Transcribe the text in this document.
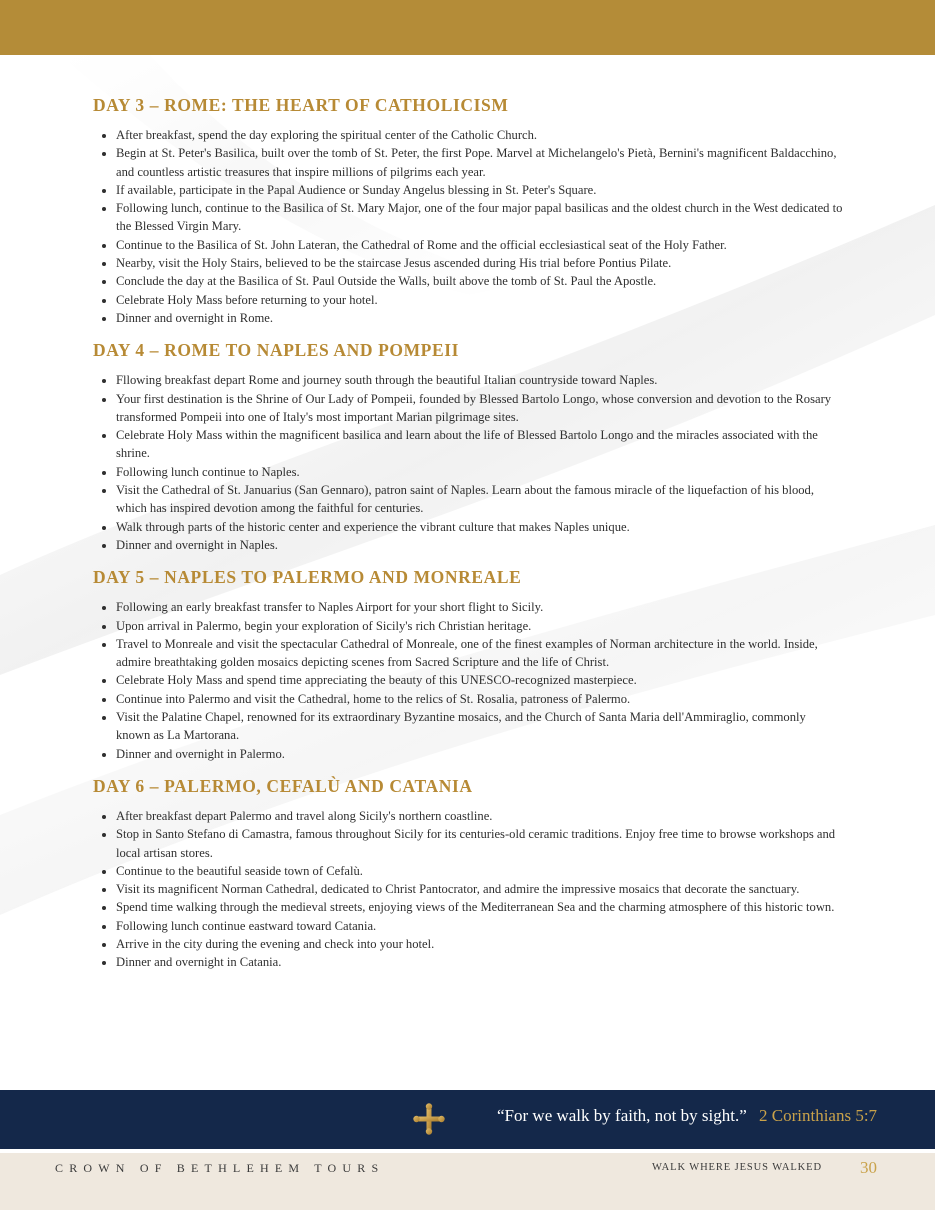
DAY 3 – ROME: THE HEART OF CATHOLICISM
• After breakfast, spend the day exploring the spiritual center of the Catholic Church.
• Begin at St. Peter's Basilica, built over the tomb of St. Peter, the first Pope. Marvel at Michelangelo's Pietà, Bernini's magnificent Baldacchino, and countless artistic treasures that inspire millions of pilgrims each year.
• If available, participate in the Papal Audience or Sunday Angelus blessing in St. Peter's Square.
• Following lunch, continue to the Basilica of St. Mary Major, one of the four major papal basilicas and the oldest church in the West dedicated to the Blessed Virgin Mary.
• Continue to the Basilica of St. John Lateran, the Cathedral of Rome and the official ecclesiastical seat of the Holy Father.
• Nearby, visit the Holy Stairs, believed to be the staircase Jesus ascended during His trial before Pontius Pilate.
• Conclude the day at the Basilica of St. Paul Outside the Walls, built above the tomb of St. Paul the Apostle.
• Celebrate Holy Mass before returning to your hotel.
• Dinner and overnight in Rome.
DAY 4 – ROME TO NAPLES AND POMPEII
• Fllowing breakfast depart Rome and journey south through the beautiful Italian countryside toward Naples.
• Your first destination is the Shrine of Our Lady of Pompeii, founded by Blessed Bartolo Longo, whose conversion and devotion to the Rosary transformed Pompeii into one of Italy's most important Marian pilgrimage sites.
• Celebrate Holy Mass within the magnificent basilica and learn about the life of Blessed Bartolo Longo and the miracles associated with the shrine.
• Following lunch continue to Naples.
• Visit the Cathedral of St. Januarius (San Gennaro), patron saint of Naples. Learn about the famous miracle of the liquefaction of his blood, which has inspired devotion among the faithful for centuries.
• Walk through parts of the historic center and experience the vibrant culture that makes Naples unique.
• Dinner and overnight in Naples.
DAY 5 – NAPLES TO PALERMO AND MONREALE
• Following an early breakfast transfer to Naples Airport for your short flight to Sicily.
• Upon arrival in Palermo, begin your exploration of Sicily's rich Christian heritage.
• Travel to Monreale and visit the spectacular Cathedral of Monreale, one of the finest examples of Norman architecture in the world. Inside, admire breathtaking golden mosaics depicting scenes from Sacred Scripture and the life of Christ.
• Celebrate Holy Mass and spend time appreciating the beauty of this UNESCO-recognized masterpiece.
• Continue into Palermo and visit the Cathedral, home to the relics of St. Rosalia, patroness of Palermo.
• Visit the Palatine Chapel, renowned for its extraordinary Byzantine mosaics, and the Church of Santa Maria dell'Ammiraglio, commonly known as La Martorana.
• Dinner and overnight in Palermo.
DAY 6 – PALERMO, CEFALÙ AND CATANIA
• After breakfast depart Palermo and travel along Sicily's northern coastline.
• Stop in Santo Stefano di Camastra, famous throughout Sicily for its centuries-old ceramic traditions. Enjoy free time to browse workshops and local artisan stores.
• Continue to the beautiful seaside town of Cefalù.
• Visit its magnificent Norman Cathedral, dedicated to Christ Pantocrator, and admire the impressive mosaics that decorate the sanctuary.
• Spend time walking through the medieval streets, enjoying views of the Mediterranean Sea and the charming atmosphere of this historic town.
• Following lunch continue eastward toward Catania.
• Arrive in the city during the evening and check into your hotel.
• Dinner and overnight in Catania.
“For we walk by faith, not by sight.” 2 Corinthians 5:7
CROWN OF BETHLEHEM TOURS	WALK WHERE JESUS WALKED 30
